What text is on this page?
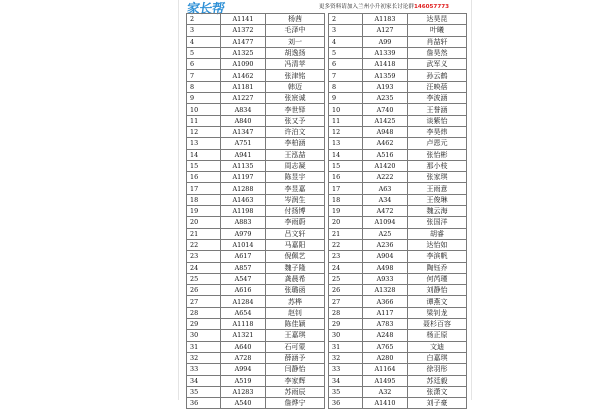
家长帮	更多资料请加入兰州小升初家长讨论群146057773
2	A1141	杨茜
3	A1372	毛泽中
4	A1477	刘一
5	A1325	胡逸扬
6	A1090	冯清苹
7	A1462	张津铭
8	A1181	韩迈
9	A1227	张宸诚
10	A834	李世铎
11	A840	张又予
12	A1347	许泊文
13	A751	李柏涵
14	A941	王泓喆
15	A1135	周志凝
16	A1197	陈昱宇
17	A1288	李昱嘉
18	A1463	岑润生
19	A1198	付扬博
20	A883	李雨蔚
21	A979	吕文轩
22	A1014	马嘉阳
23	A617	倪佩艺
24	A857	魏子隆
25	A547	龚晨希
26	A616	张璐函
27	A1284	苏桦
28	A654	赵钊
29	A1118	陈佳颖
30	A1321	王嘉琪
31	A640	石可蒙
32	A728	薛涵予
33	A994	闫静怡
34	A519	李家辉
35	A1283	苏雨辰
36	A540	詹烨宁
2	A1183	达昊昆
3	A127	叶曦
4	A99	肖喆轩
5	A1339	詹昊然
6	A1418	武军义
7	A1359	孙云鹤
8	A193	汪映蓓
9	A235	李波涵
10	A740	王誉涵
11	A1425	谈紫怡
12	A948	李昊炜
13	A462	卢恩元
14	A516	张怡彬
15	A1420	那小枝
16	A222	张家琪
17	A63	王雨意
18	A34	王俊琳
19	A472	魏云海
20	A1094	张国洋
21	A25	胡睿
22	A236	达怡如
23	A904	李滨帆
24	A498	陶钰乔
25	A933	何芮瑾
26	A1328	刘静怡
27	A366	谭燕文
28	A117	梁钊龙
29	A783	聂杉百容
30	A248	杨正原
31	A765	文迪
32	A280	白嘉琪
33	A1164	徐羽彤
34	A1495	苏廷毅
35	A32	张潇文
36	A1410	刘子豪
